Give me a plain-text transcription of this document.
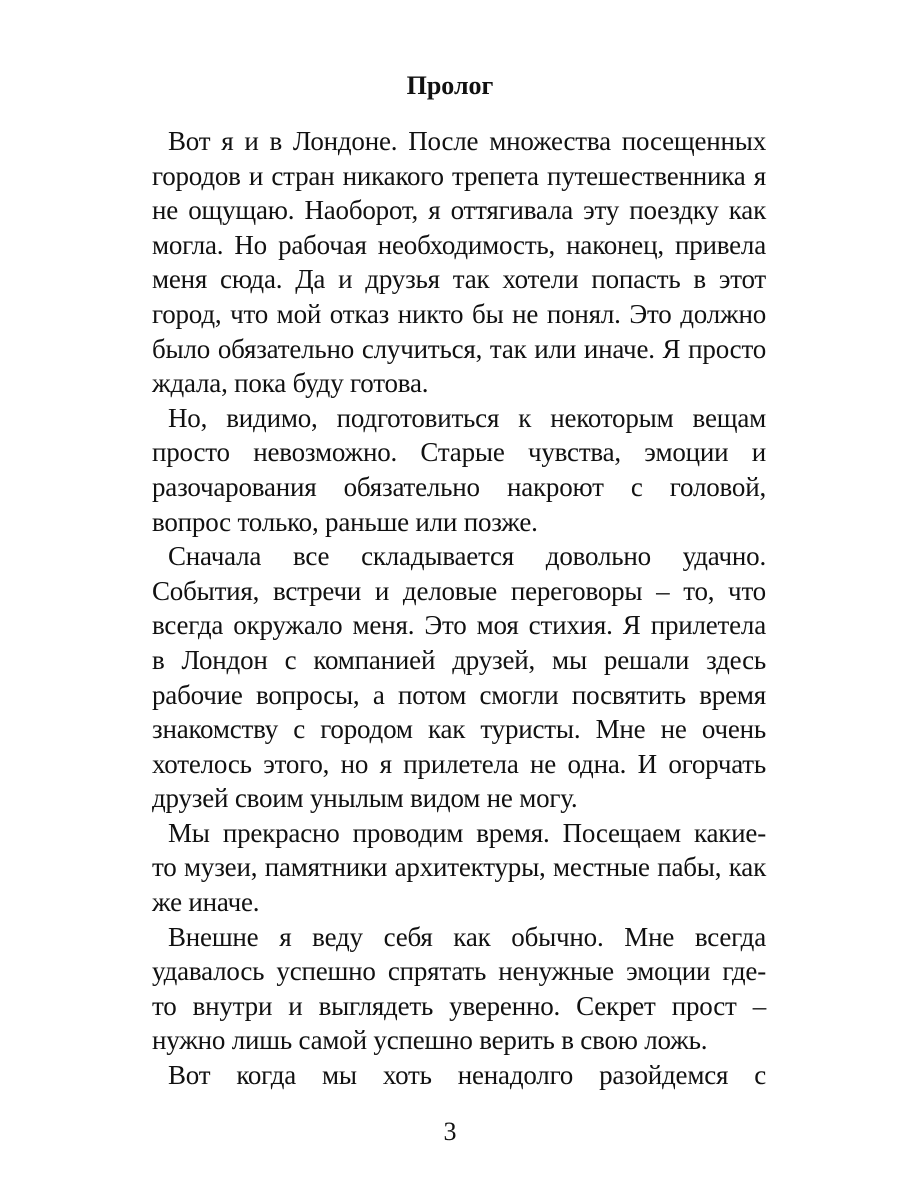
Пролог
Вот я и в Лондоне. После множества посещенных
городов и стран никакого трепета путешественника я
не ощущаю. Наоборот, я оттягивала эту поездку как
могла. Но рабочая необходимость, наконец, привела
меня сюда. Да и друзья так хотели попасть в этот
город, что мой отказ никто бы не понял. Это должно
было обязательно случиться, так или иначе. Я просто
ждала, пока буду готова.
Но, видимо, подготовиться к некоторым вещам
просто невозможно. Старые чувства, эмоции и
разочарования обязательно накроют с головой,
вопрос только, раньше или позже.
Сначала все складывается довольно удачно.
События, встречи и деловые переговоры – то, что
всегда окружало меня. Это моя стихия. Я прилетела
в Лондон с компанией друзей, мы решали здесь
рабочие вопросы, а потом смогли посвятить время
знакомству с городом как туристы. Мне не очень
хотелось этого, но я прилетела не одна. И огорчать
друзей своим унылым видом не могу.
Мы прекрасно проводим время. Посещаем какие-
то музеи, памятники архитектуры, местные пабы, как
же иначе.
Внешне я веду себя как обычно. Мне всегда
удавалось успешно спрятать ненужные эмоции где-
то внутри и выглядеть уверенно. Секрет прост –
нужно лишь самой успешно верить в свою ложь.
Вот когда мы хоть ненадолго разойдемся с
3
